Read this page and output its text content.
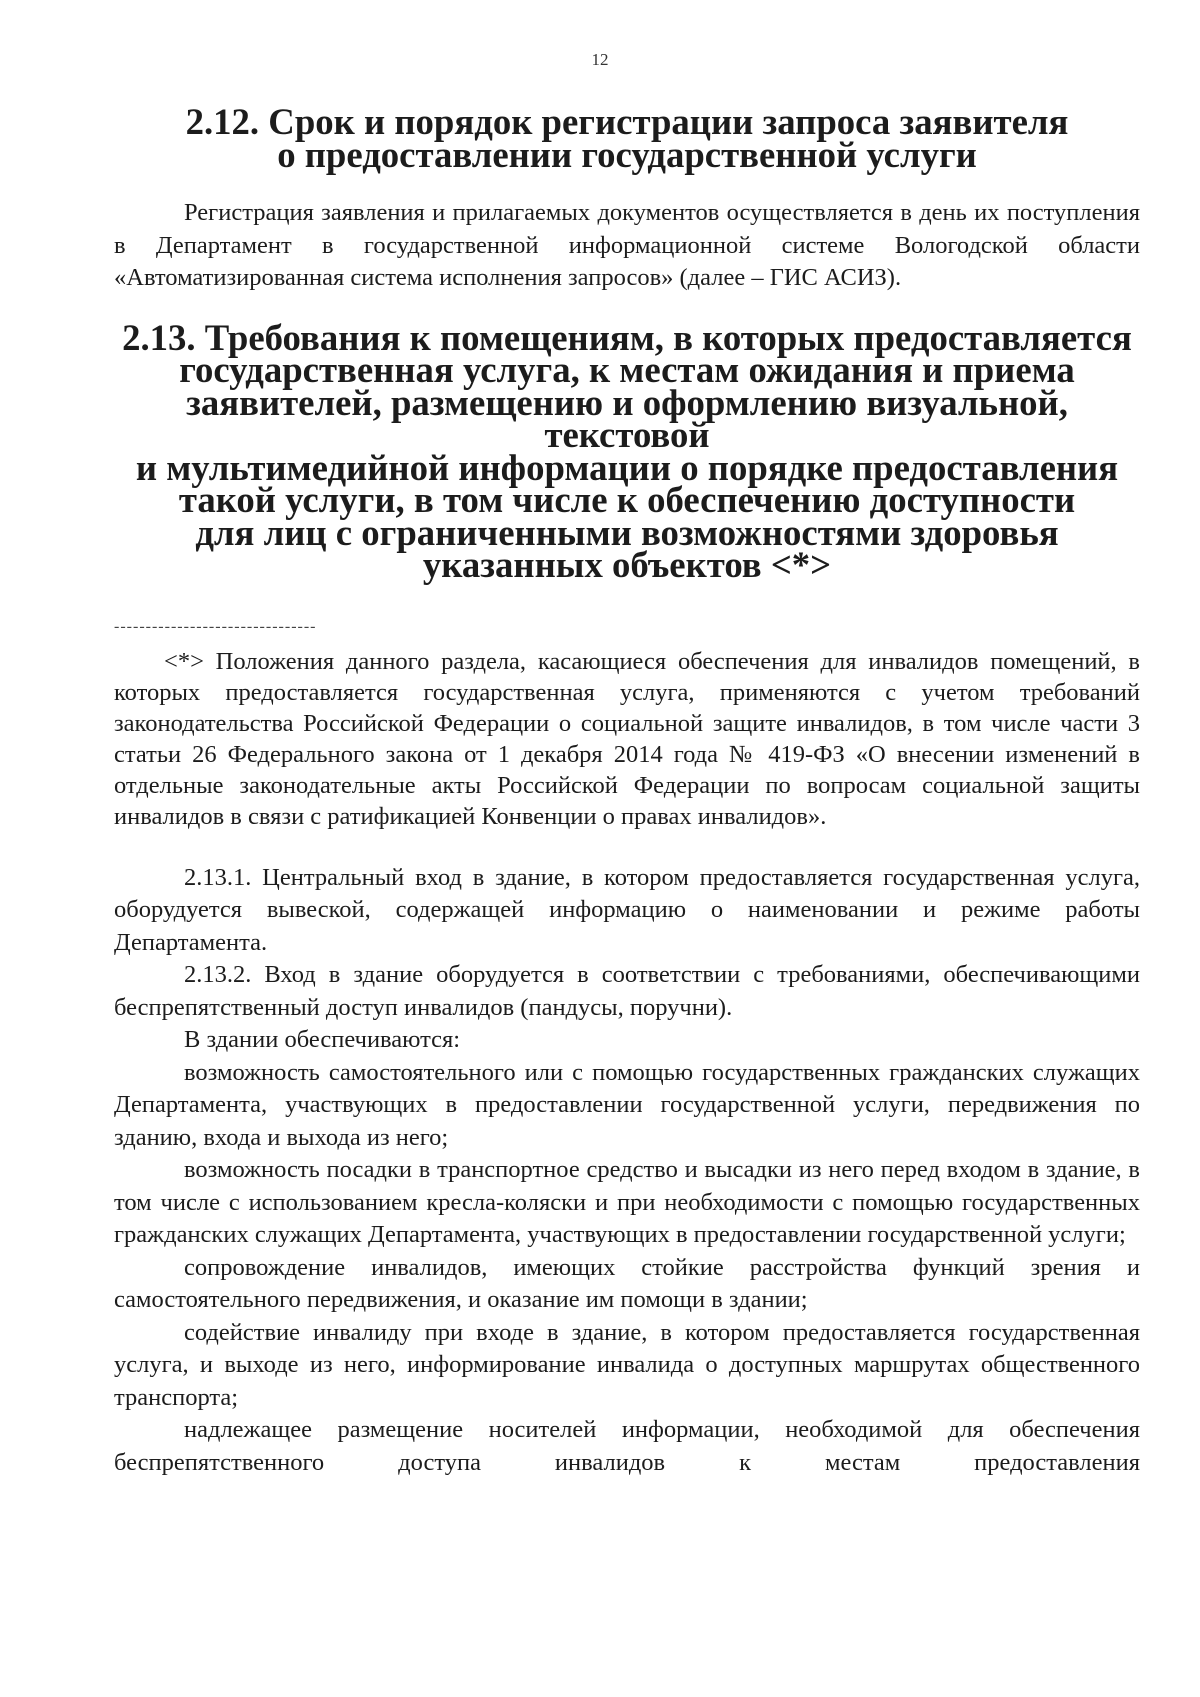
12
2.12. Срок и порядок регистрации запроса заявителя
о предоставлении государственной услуги

Регистрация заявления и прилагаемых документов осуществляется в день их поступления в Департамент в государственной информационной системе Вологодской области «Автоматизированная система исполнения запросов» (далее – ГИС АСИЗ).

2.13. Требования к помещениям, в которых предоставляется
государственная услуга, к местам ожидания и приема
заявителей, размещению и оформлению визуальной, текстовой
и мультимедийной информации о порядке предоставления
такой услуги, в том числе к обеспечению доступности
для лиц с ограниченными возможностями здоровья
указанных объектов <*>
--------------------------------

<*> Положения данного раздела, касающиеся обеспечения для инвалидов помещений, в которых предоставляется государственная услуга, применяются с учетом требований законодательства Российской Федерации о социальной защите инвалидов, в том числе части 3 статьи 26 Федерального закона от 1 декабря 2014 года № 419-ФЗ «О внесении изменений в отдельные законодательные акты Российской Федерации по вопросам социальной защиты инвалидов в связи с ратификацией Конвенции о правах инвалидов».

2.13.1. Центральный вход в здание, в котором предоставляется государственная услуга, оборудуется вывеской, содержащей информацию о наименовании и режиме работы Департамента.

2.13.2. Вход в здание оборудуется в соответствии с требованиями, обеспечивающими беспрепятственный доступ инвалидов (пандусы, поручни).

В здании обеспечиваются:

возможность самостоятельного или с помощью государственных гражданских служащих Департамента, участвующих в предоставлении государственной услуги, передвижения по зданию, входа и выхода из него;

возможность посадки в транспортное средство и высадки из него перед входом в здание, в том числе с использованием кресла-коляски и при необходимости с помощью государственных гражданских служащих Департамента, участвующих в предоставлении государственной услуги;

сопровождение инвалидов, имеющих стойкие расстройства функций зрения и самостоятельного передвижения, и оказание им помощи в здании;

содействие инвалиду при входе в здание, в котором предоставляется государственная услуга, и выходе из него, информирование инвалида о доступных маршрутах общественного транспорта;

надлежащее размещение носителей информации, необходимой для обеспечения беспрепятственного доступа инвалидов к местам предоставления
